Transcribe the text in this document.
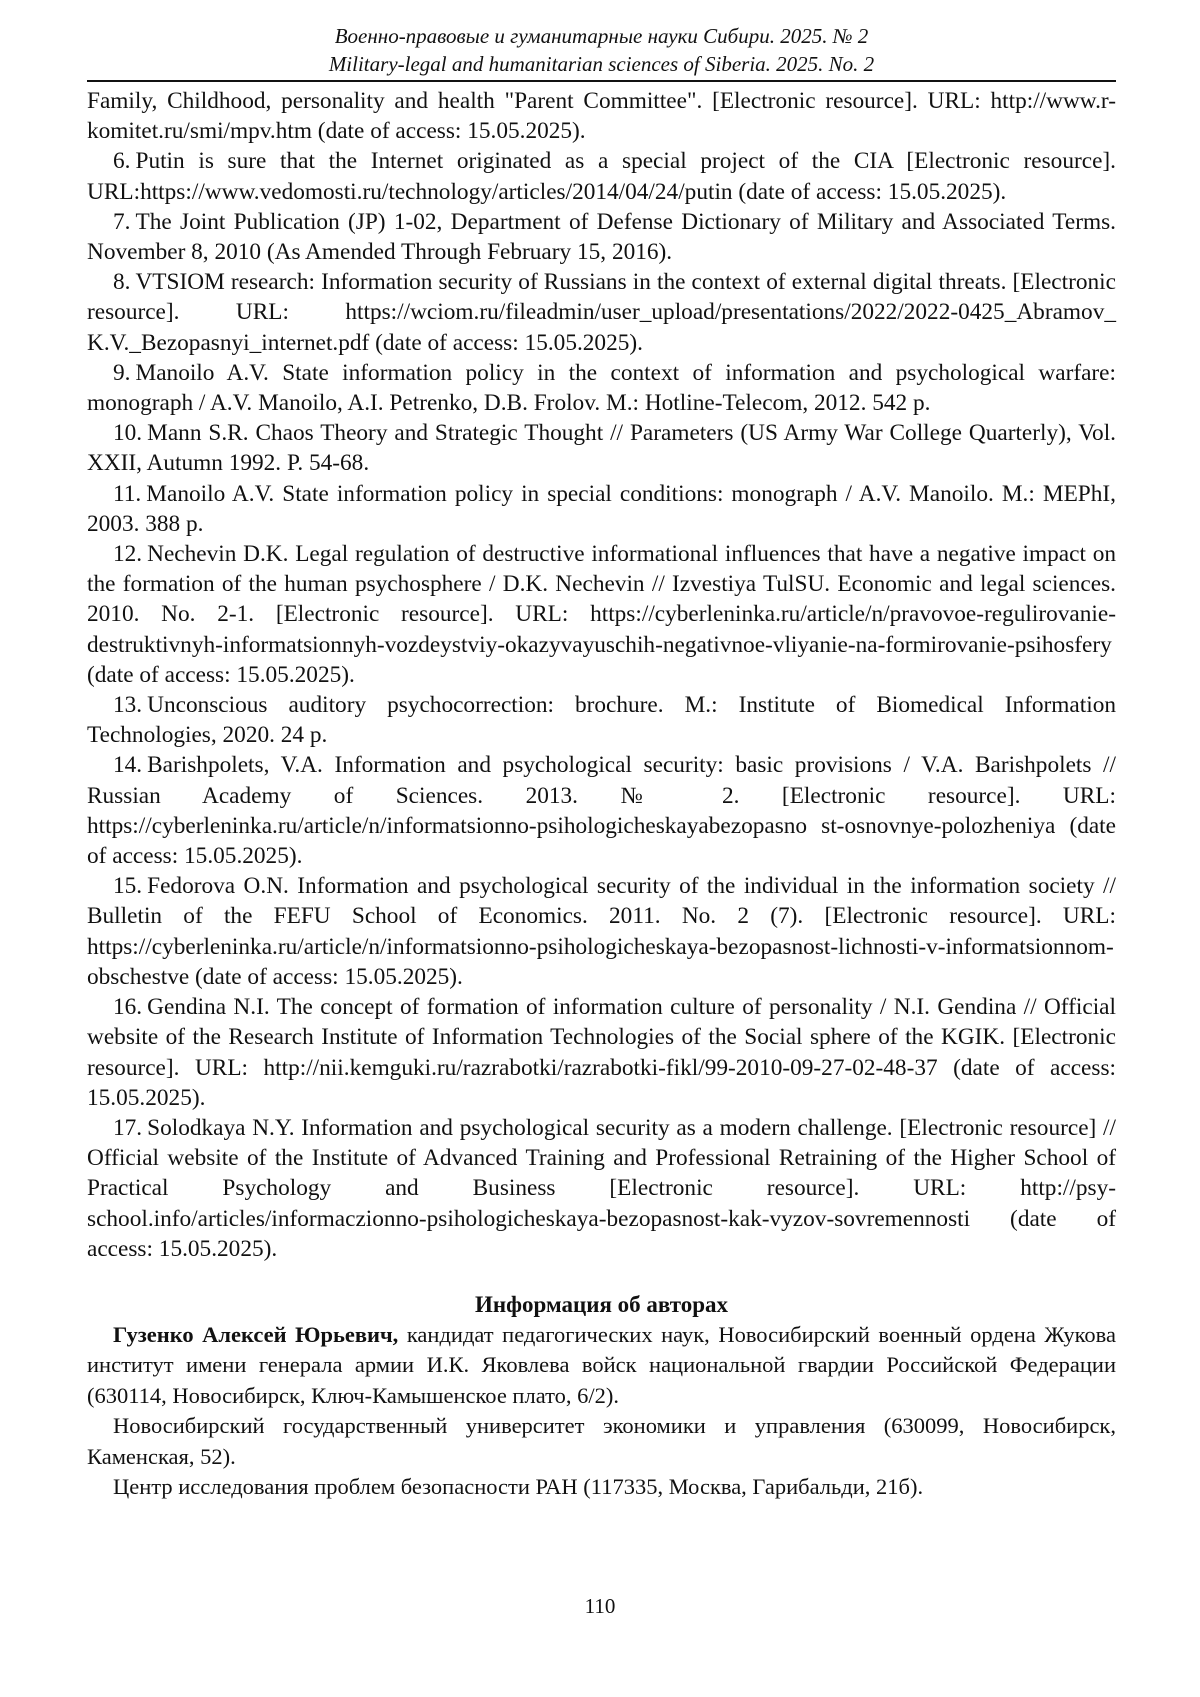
Военно-правовые и гуманитарные науки Сибири. 2025. № 2
Military-legal and humanitarian sciences of Siberia. 2025. No. 2

Family, Childhood, personality and health "Parent Committee". [Electronic resource]. URL: http://www.r-komitet.ru/smi/mpv.htm (date of access: 15.05.2025).

6. Putin is sure that the Internet originated as a special project of the CIA [Electronic resource]. URL:https://www.vedomosti.ru/technology/articles/2014/04/24/putin (date of access: 15.05.2025).

7. The Joint Publication (JP) 1-02, Department of Defense Dictionary of Military and Associated Terms. November 8, 2010 (As Amended Through February 15, 2016).

8. VTSIOM research: Information security of Russians in the context of external digital threats. [Electronic resource]. URL: https://wciom.ru/fileadmin/user_upload/presentations/2022/2022-0425_Abramov_ K.V._Bezopasnyi_internet.pdf (date of access: 15.05.2025).

9. Manoilo A.V. State information policy in the context of information and psychological warfare: monograph / A.V. Manoilo, A.I. Petrenko, D.B. Frolov. M.: Hotline-Telecom, 2012. 542 p.

10. Mann S.R. Chaos Theory and Strategic Thought // Parameters (US Army War College Quarterly), Vol. XXII, Autumn 1992. P. 54-68.

11. Manoilo A.V. State information policy in special conditions: monograph / A.V. Manoilo. M.: MEPhI, 2003. 388 p.

12. Nechevin D.K. Legal regulation of destructive informational influences that have a negative impact on the formation of the human psychosphere / D.K. Nechevin // Izvestiya TulSU. Economic and legal sciences. 2010. No. 2-1. [Electronic resource]. URL: https://cyberleninka.ru/article/n/pravovoe-regulirovanie-destruktivnyh-informatsionnyh-vozdeystviy-okazyvayuschih-negativnoe-vliyanie-na-formirovanie-psihosfery (date of access: 15.05.2025).

13. Unconscious auditory psychocorrection: brochure. M.: Institute of Biomedical Information Technologies, 2020. 24 p.

14. Barishpolets, V.A. Information and psychological security: basic provisions / V.A. Barishpolets // Russian Academy of Sciences. 2013. № 2. [Electronic resource]. URL: https://cyberleninka.ru/article/n/informatsionno-psihologicheskayabezopasno st-osnovnye-polozheniya (date of access: 15.05.2025).

15. Fedorova O.N. Information and psychological security of the individual in the information society // Bulletin of the FEFU School of Economics. 2011. No. 2 (7). [Electronic resource]. URL: https://cyberleninka.ru/article/n/informatsionno-psihologicheskaya-bezopasnost-lichnosti-v-informatsionnom-obschestve (date of access: 15.05.2025).

16. Gendina N.I. The concept of formation of information culture of personality / N.I. Gendina // Official website of the Research Institute of Information Technologies of the Social sphere of the KGIK. [Electronic resource]. URL: http://nii.kemguki.ru/razrabotki/razrabotki-fikl/99-2010-09-27-02-48-37 (date of access: 15.05.2025).

17. Solodkaya N.Y. Information and psychological security as a modern challenge. [Electronic resource] // Official website of the Institute of Advanced Training and Professional Retraining of the Higher School of Practical Psychology and Business [Electronic resource]. URL: http://psy-school.info/articles/informaczionno-psihologicheskaya-bezopasnost-kak-vyzov-sovremennosti (date of access: 15.05.2025).

Информация об авторах

Гузенко Алексей Юрьевич, кандидат педагогических наук, Новосибирский военный ордена Жукова институт имени генерала армии И.К. Яковлева войск национальной гвардии Российской Федерации (630114, Новосибирск, Ключ-Камышенское плато, 6/2).

Новосибирский государственный университет экономики и управления (630099, Новосибирск, Каменская, 52).

Центр исследования проблем безопасности РАН (117335, Москва, Гарибальди, 21б).

110
